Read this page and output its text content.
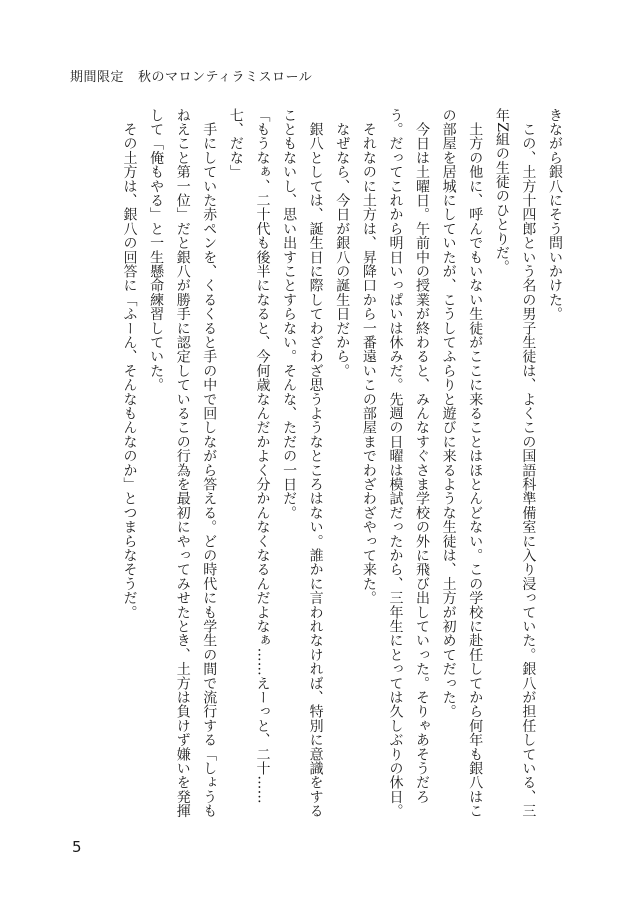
期間限定 秋のマロンティラミスロール

きながら銀八にそう問いかけた。

　この、土方十四郎という名の男子生徒は、よくこの国語科準備室に入り浸っていた。銀八が担任している、三年Z組の生徒のひとりだ。

　土方の他に、呼んでもいない生徒がここに来ることはほとんどない。この学校に赴任してから何年も銀八はこの部屋を居城にしていたが、こうしてふらりと遊びに来るような生徒は、土方が初めてだった。

　今日は土曜日。午前中の授業が終わると、みんなすぐさま学校の外に飛び出していった。そりゃあそうだろう。だってこれから明日いっぱいは休みだ。先週の日曜は模試だったから、三年生にとっては久しぶりの休日。

　それなのに土方は、昇降口から一番遠いこの部屋までわざわざやって来た。

　なぜなら、今日が銀八の誕生日だから。

　銀八としては、誕生日に際してわざわざ思うようなところはない。誰かに言われなければ、特別に意識をすることもないし、思い出すことすらない。そんな、ただの一日だ。

「もうなぁ、二十代も後半になると、今何歳なんだかよく分かんなくなるんだよなぁ……えーっと、二十……七、だな」

　手にしていた赤ペンを、くるくると手の中で回しながら答える。どの時代にも学生の間で流行する「しょうもねえこと第一位」だと銀八が勝手に認定しているこの行為を最初にやってみせたとき、土方は負けず嫌いを発揮して「俺もやる」と一生懸命練習していた。

　その土方は、銀八の回答に「ふーん、そんなもんなのか」とつまらなそうだ。

5
